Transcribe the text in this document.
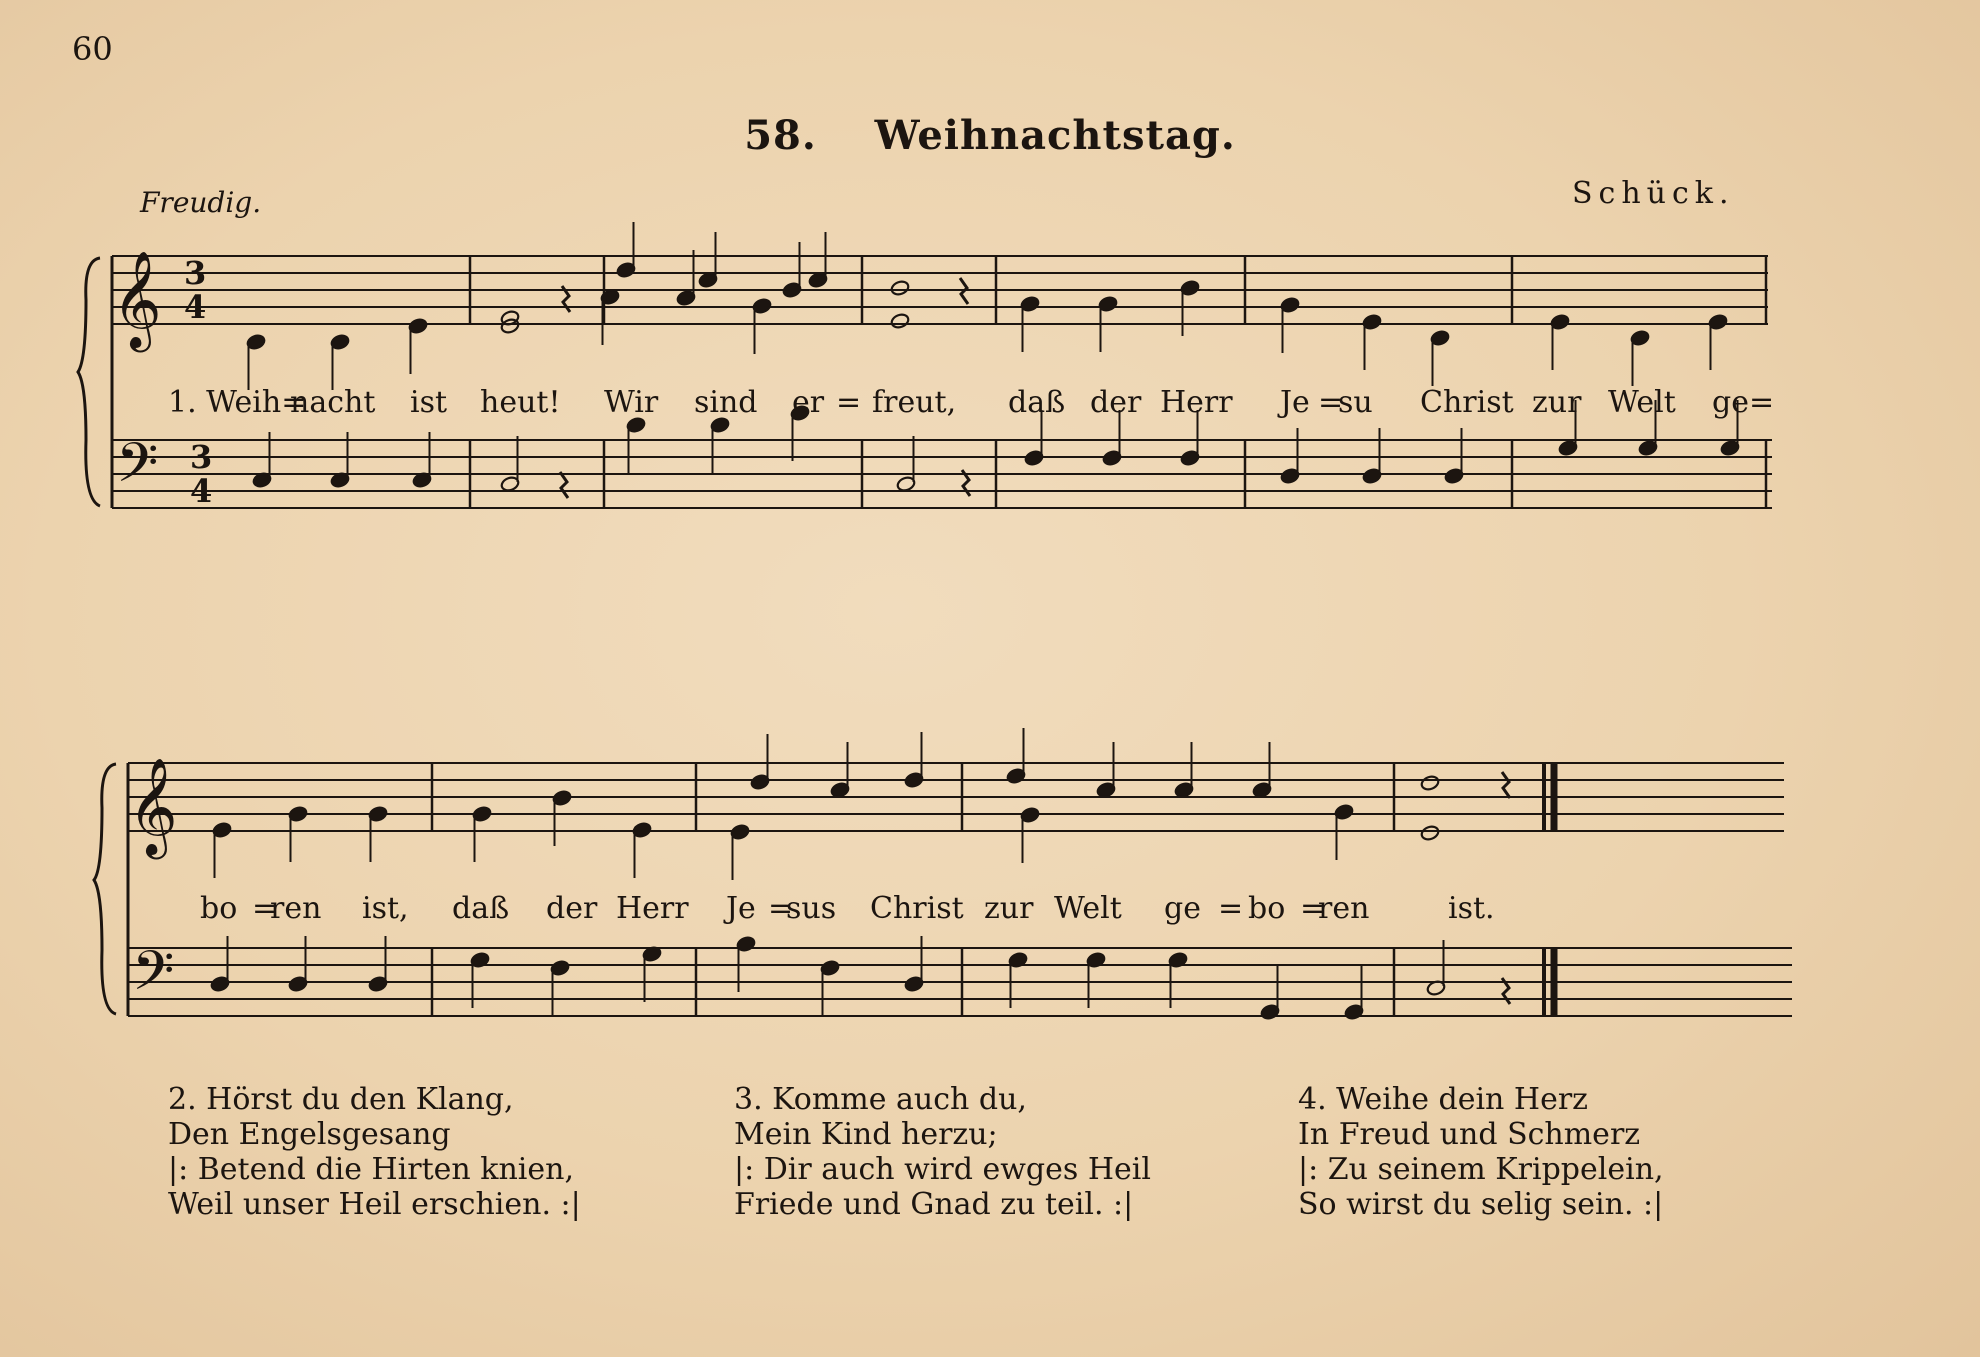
60
58. Weihnachtstag.
Freudig.	Schück.
𝄞
𝄢
3
3
4
4
𝄞
𝄢
1. Weih=
nacht ist heut! Wir sind er = freut, daß der Herr Je =
su Christ zur Welt ge=
bo =
ren ist, daß der Herr Je =
sus Christ zur Welt ge = bo =
ren	ist.
2. Hörst du den Klang,
Den Engelsgesang
|: Betend die Hirten knien,
Weil unser Heil erschien. :|
3. Komme auch du,
Mein Kind herzu;
|: Dir auch wird ewges Heil
Friede und Gnad zu teil. :|
4. Weihe dein Herz
In Freud und Schmerz
|: Zu seinem Krippelein,
So wirst du selig sein. :|
